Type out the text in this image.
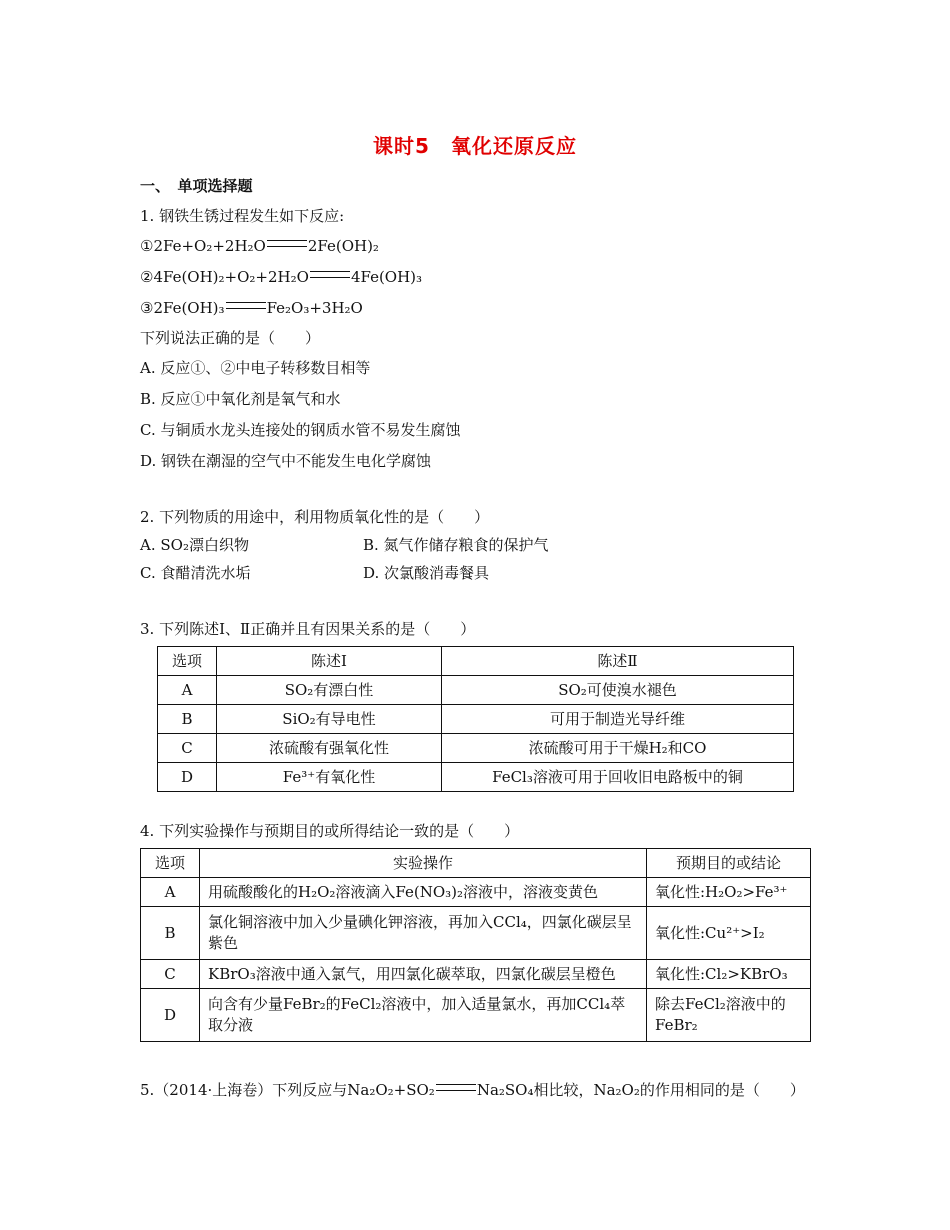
课时5　氧化还原反应
一、　单项选择题
1. 钢铁生锈过程发生如下反应:
①2Fe+O₂+2H₂O	2Fe(OH)₂
②4Fe(OH)₂+O₂+2H₂O	4Fe(OH)₃
③2Fe(OH)₃	Fe₂O₃+3H₂O
下列说法正确的是（　　）
A. 反应①、②中电子转移数目相等
B. 反应①中氧化剂是氧气和水
C. 与铜质水龙头连接处的钢质水管不易发生腐蚀
D. 钢铁在潮湿的空气中不能发生电化学腐蚀
2. 下列物质的用途中，利用物质氧化性的是（　　）
A. SO₂漂白织物	B. 氮气作储存粮食的保护气
C. 食醋清洗水垢	D. 次氯酸消毒餐具
3. 下列陈述Ⅰ、Ⅱ正确并且有因果关系的是（　　）
选项	陈述Ⅰ	陈述Ⅱ
A	SO₂有漂白性	SO₂可使溴水褪色
B	SiO₂有导电性	可用于制造光导纤维
C	浓硫酸有强氧化性	浓硫酸可用于干燥H₂和CO
D	Fe³⁺有氧化性	FeCl₃溶液可用于回收旧电路板中的铜
4. 下列实验操作与预期目的或所得结论一致的是（　　）
选项	实验操作	预期目的或结论
A	用硫酸酸化的H₂O₂溶液滴入Fe(NO₃)₂溶液中，溶液变黄色	氧化性:H₂O₂>Fe³⁺
B	氯化铜溶液中加入少量碘化钾溶液，再加入CCl₄，四氯化碳层呈紫色	氧化性:Cu²⁺>I₂
C	KBrO₃溶液中通入氯气，用四氯化碳萃取，四氯化碳层呈橙色	氧化性:Cl₂>KBrO₃
D	向含有少量FeBr₂的FeCl₂溶液中，加入适量氯水，再加CCl₄萃取分液	除去FeCl₂溶液中的FeBr₂
5.（2014·上海卷）下列反应与Na₂O₂+SO₂	Na₂SO₄相比较，Na₂O₂的作用相同的是（　　）
